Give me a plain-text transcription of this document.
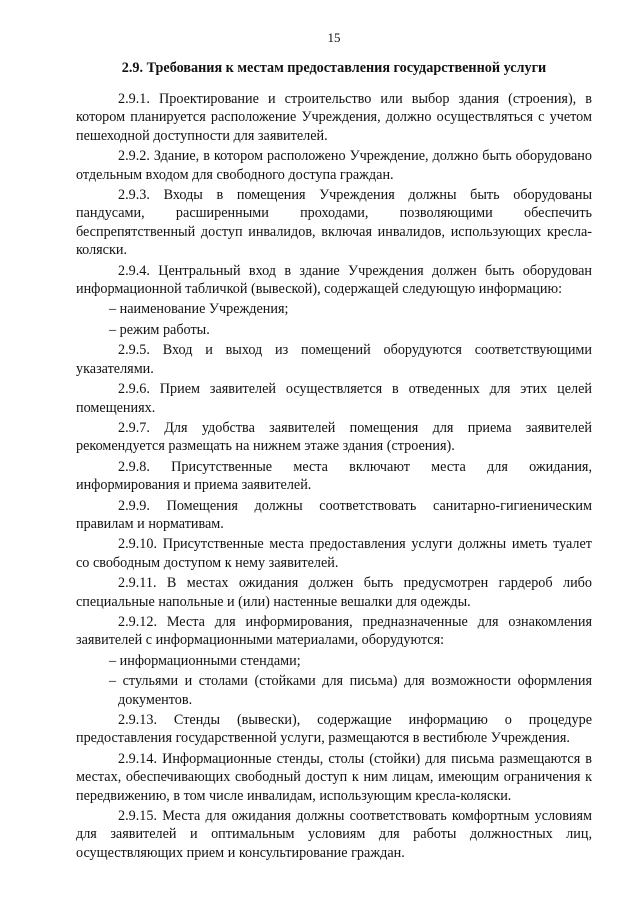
15

2.9. Требования к местам предоставления государственной услуги

2.9.1. Проектирование и строительство или выбор здания (строения), в котором планируется расположение Учреждения, должно осуществляться с учетом пешеходной доступности для заявителей.

2.9.2. Здание, в котором расположено Учреждение, должно быть оборудовано отдельным входом для свободного доступа граждан.

2.9.3. Входы в помещения Учреждения должны быть оборудованы пандусами, расширенными проходами, позволяющими обеспечить беспрепятственный доступ инвалидов, включая инвалидов, использующих кресла-коляски.

2.9.4. Центральный вход в здание Учреждения должен быть оборудован информационной табличкой (вывеской), содержащей следующую информацию:

– наименование Учреждения;

– режим работы.

2.9.5. Вход и выход из помещений оборудуются соответствующими указателями.

2.9.6. Прием заявителей осуществляется в отведенных для этих целей помещениях.

2.9.7. Для удобства заявителей помещения для приема заявителей рекомендуется размещать на нижнем этаже здания (строения).

2.9.8. Присутственные места включают места для ожидания, информирования и приема заявителей.

2.9.9. Помещения должны соответствовать санитарно-гигиеническим правилам и нормативам.

2.9.10. Присутственные места предоставления услуги должны иметь туалет со свободным доступом к нему заявителей.

2.9.11. В местах ожидания должен быть предусмотрен гардероб либо специальные напольные и (или) настенные вешалки для одежды.

2.9.12. Места для информирования, предназначенные для ознакомления заявителей с информационными материалами, оборудуются:

– информационными стендами;

– стульями и столами (стойками для письма) для возможности оформления документов.

2.9.13. Стенды (вывески), содержащие информацию о процедуре предоставления государственной услуги, размещаются в вестибюле Учреждения.

2.9.14. Информационные стенды, столы (стойки) для письма размещаются в местах, обеспечивающих свободный доступ к ним лицам, имеющим ограничения к передвижению, в том числе инвалидам, использующим кресла-коляски.

2.9.15. Места для ожидания должны соответствовать комфортным условиям для заявителей и оптимальным условиям для работы должностных лиц, осуществляющих прием и консультирование граждан.
